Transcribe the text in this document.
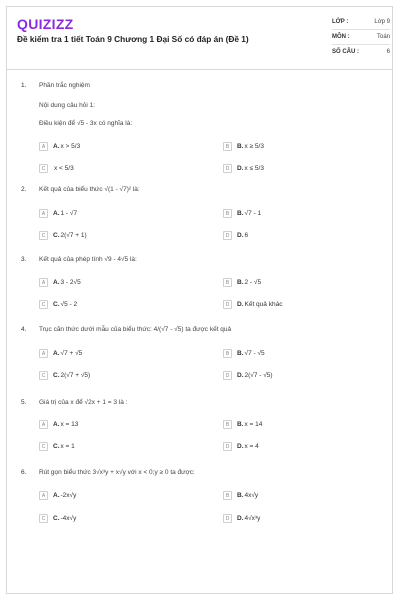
QUIZIZZ
Đề kiểm tra 1 tiết Toán 9 Chương 1 Đại Số có đáp án (Đề 1)
LỚP :	Lớp 9
MÔN :	Toán
SỐ CÂU :	6
1. Phần trắc nghiệm
Nội dung câu hỏi 1:
Điều kiện để √5 - 3x có nghĩa là:
A	A. x > 5/3	B	B. x ≥ 5/3
C	x < 5/3	D	D. x ≤ 5/3
2. Kết quả của biểu thức √(1 - √7)² là:
A	A. 1 - √7	B	B. √7 - 1
C	C. 2(√7 + 1)	D	D. 6
3. Kết quả của phép tính √9 - 4√5 là:
A	A. 3 - 2√5	B	B. 2 - √5
C	C. √5 - 2	D	D. Kết quả khác
4. Trục căn thức dưới mẫu của biểu thức: 4/(√7 - √5) ta được kết quả
A	A. √7 + √5	B	B. √7 - √5
C	C. 2(√7 + √5)	D	D. 2(√7 - √5)
5. Giá trị của x để √2x + 1 = 3 là :
A	A. x = 13	B	B. x = 14
C	C. x = 1	D	D. x = 4
6. Rút gọn biểu thức 3√x³y + x√y với x < 0;y ≥ 0 ta được:
A	A. -2x√y	B	B. 4x√y
C	C. -4x√y	D	D. 4√x³y
